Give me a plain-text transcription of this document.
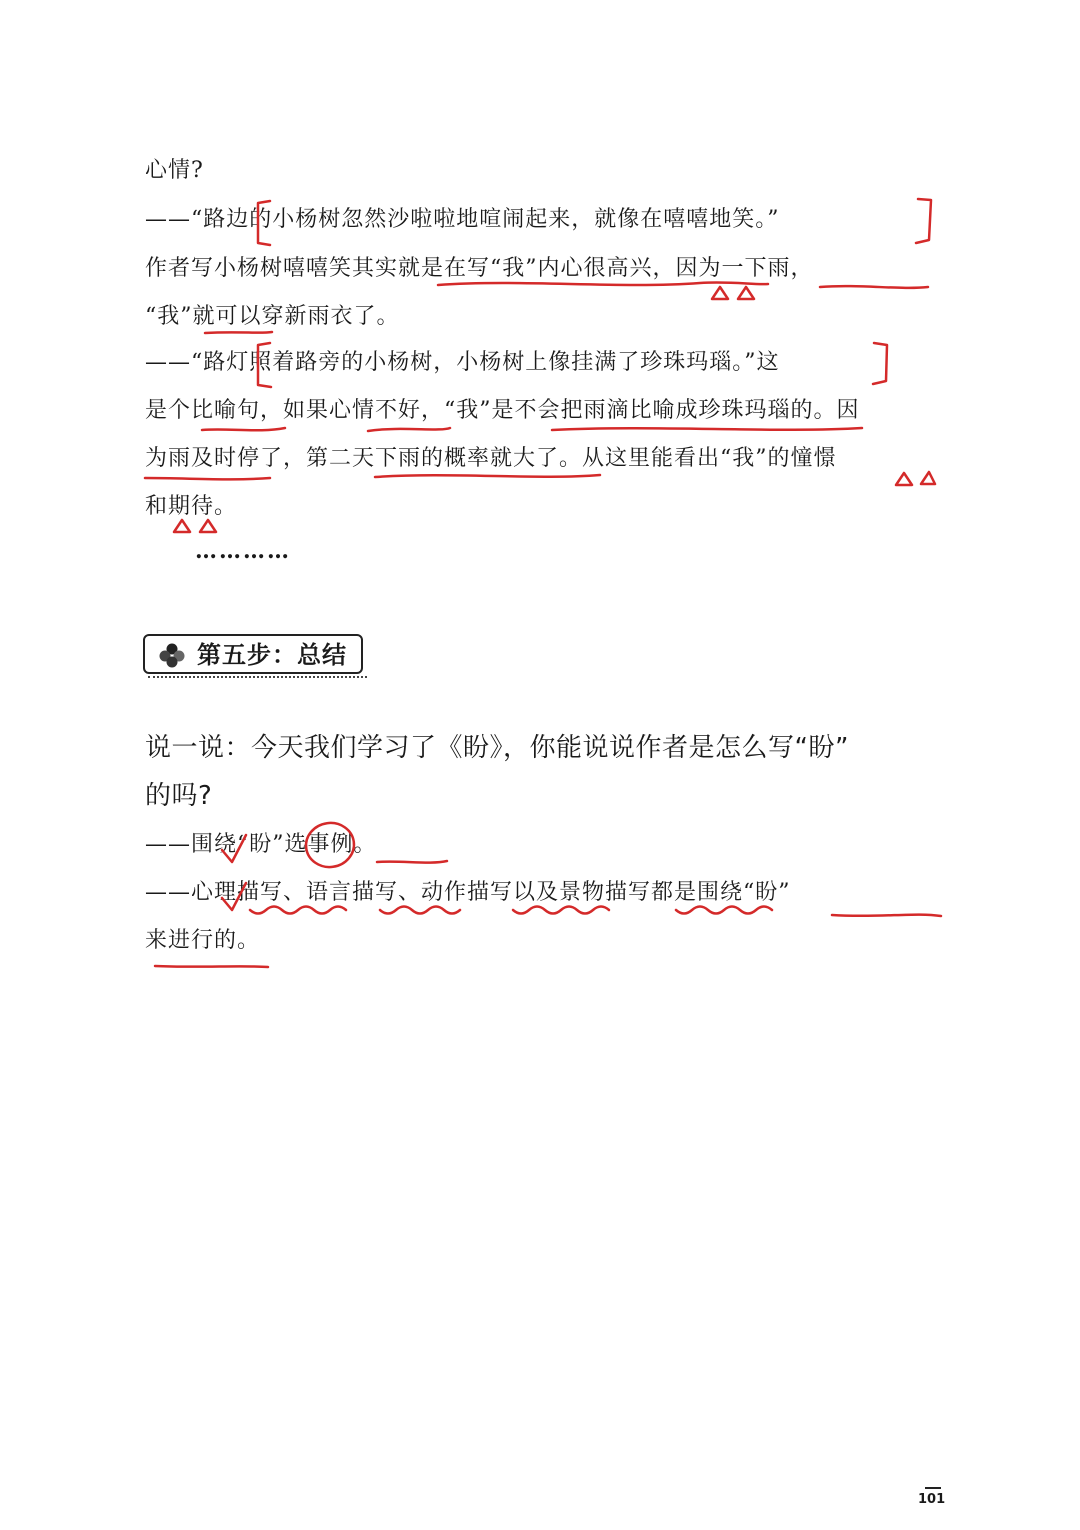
心情?
——“路边的小杨树忽然沙啦啦地喧闹起来，就像在嘻嘻地笑。”
作者写小杨树嘻嘻笑其实就是在写“我”内心很高兴，因为一下雨，
“我”就可以穿新雨衣了。
——“路灯照着路旁的小杨树，小杨树上像挂满了珍珠玛瑙。”这
是个比喻句，如果心情不好，“我”是不会把雨滴比喻成珍珠玛瑙的。因
为雨及时停了，第二天下雨的概率就大了。从这里能看出“我”的憧憬
和期待。
…………
第五步：总结
说一说：今天我们学习了《盼》，你能说说作者是怎么写“盼”
的吗?
——围绕“盼”选事例。
——心理描写、语言描写、动作描写以及景物描写都是围绕“盼”
来进行的。
101
